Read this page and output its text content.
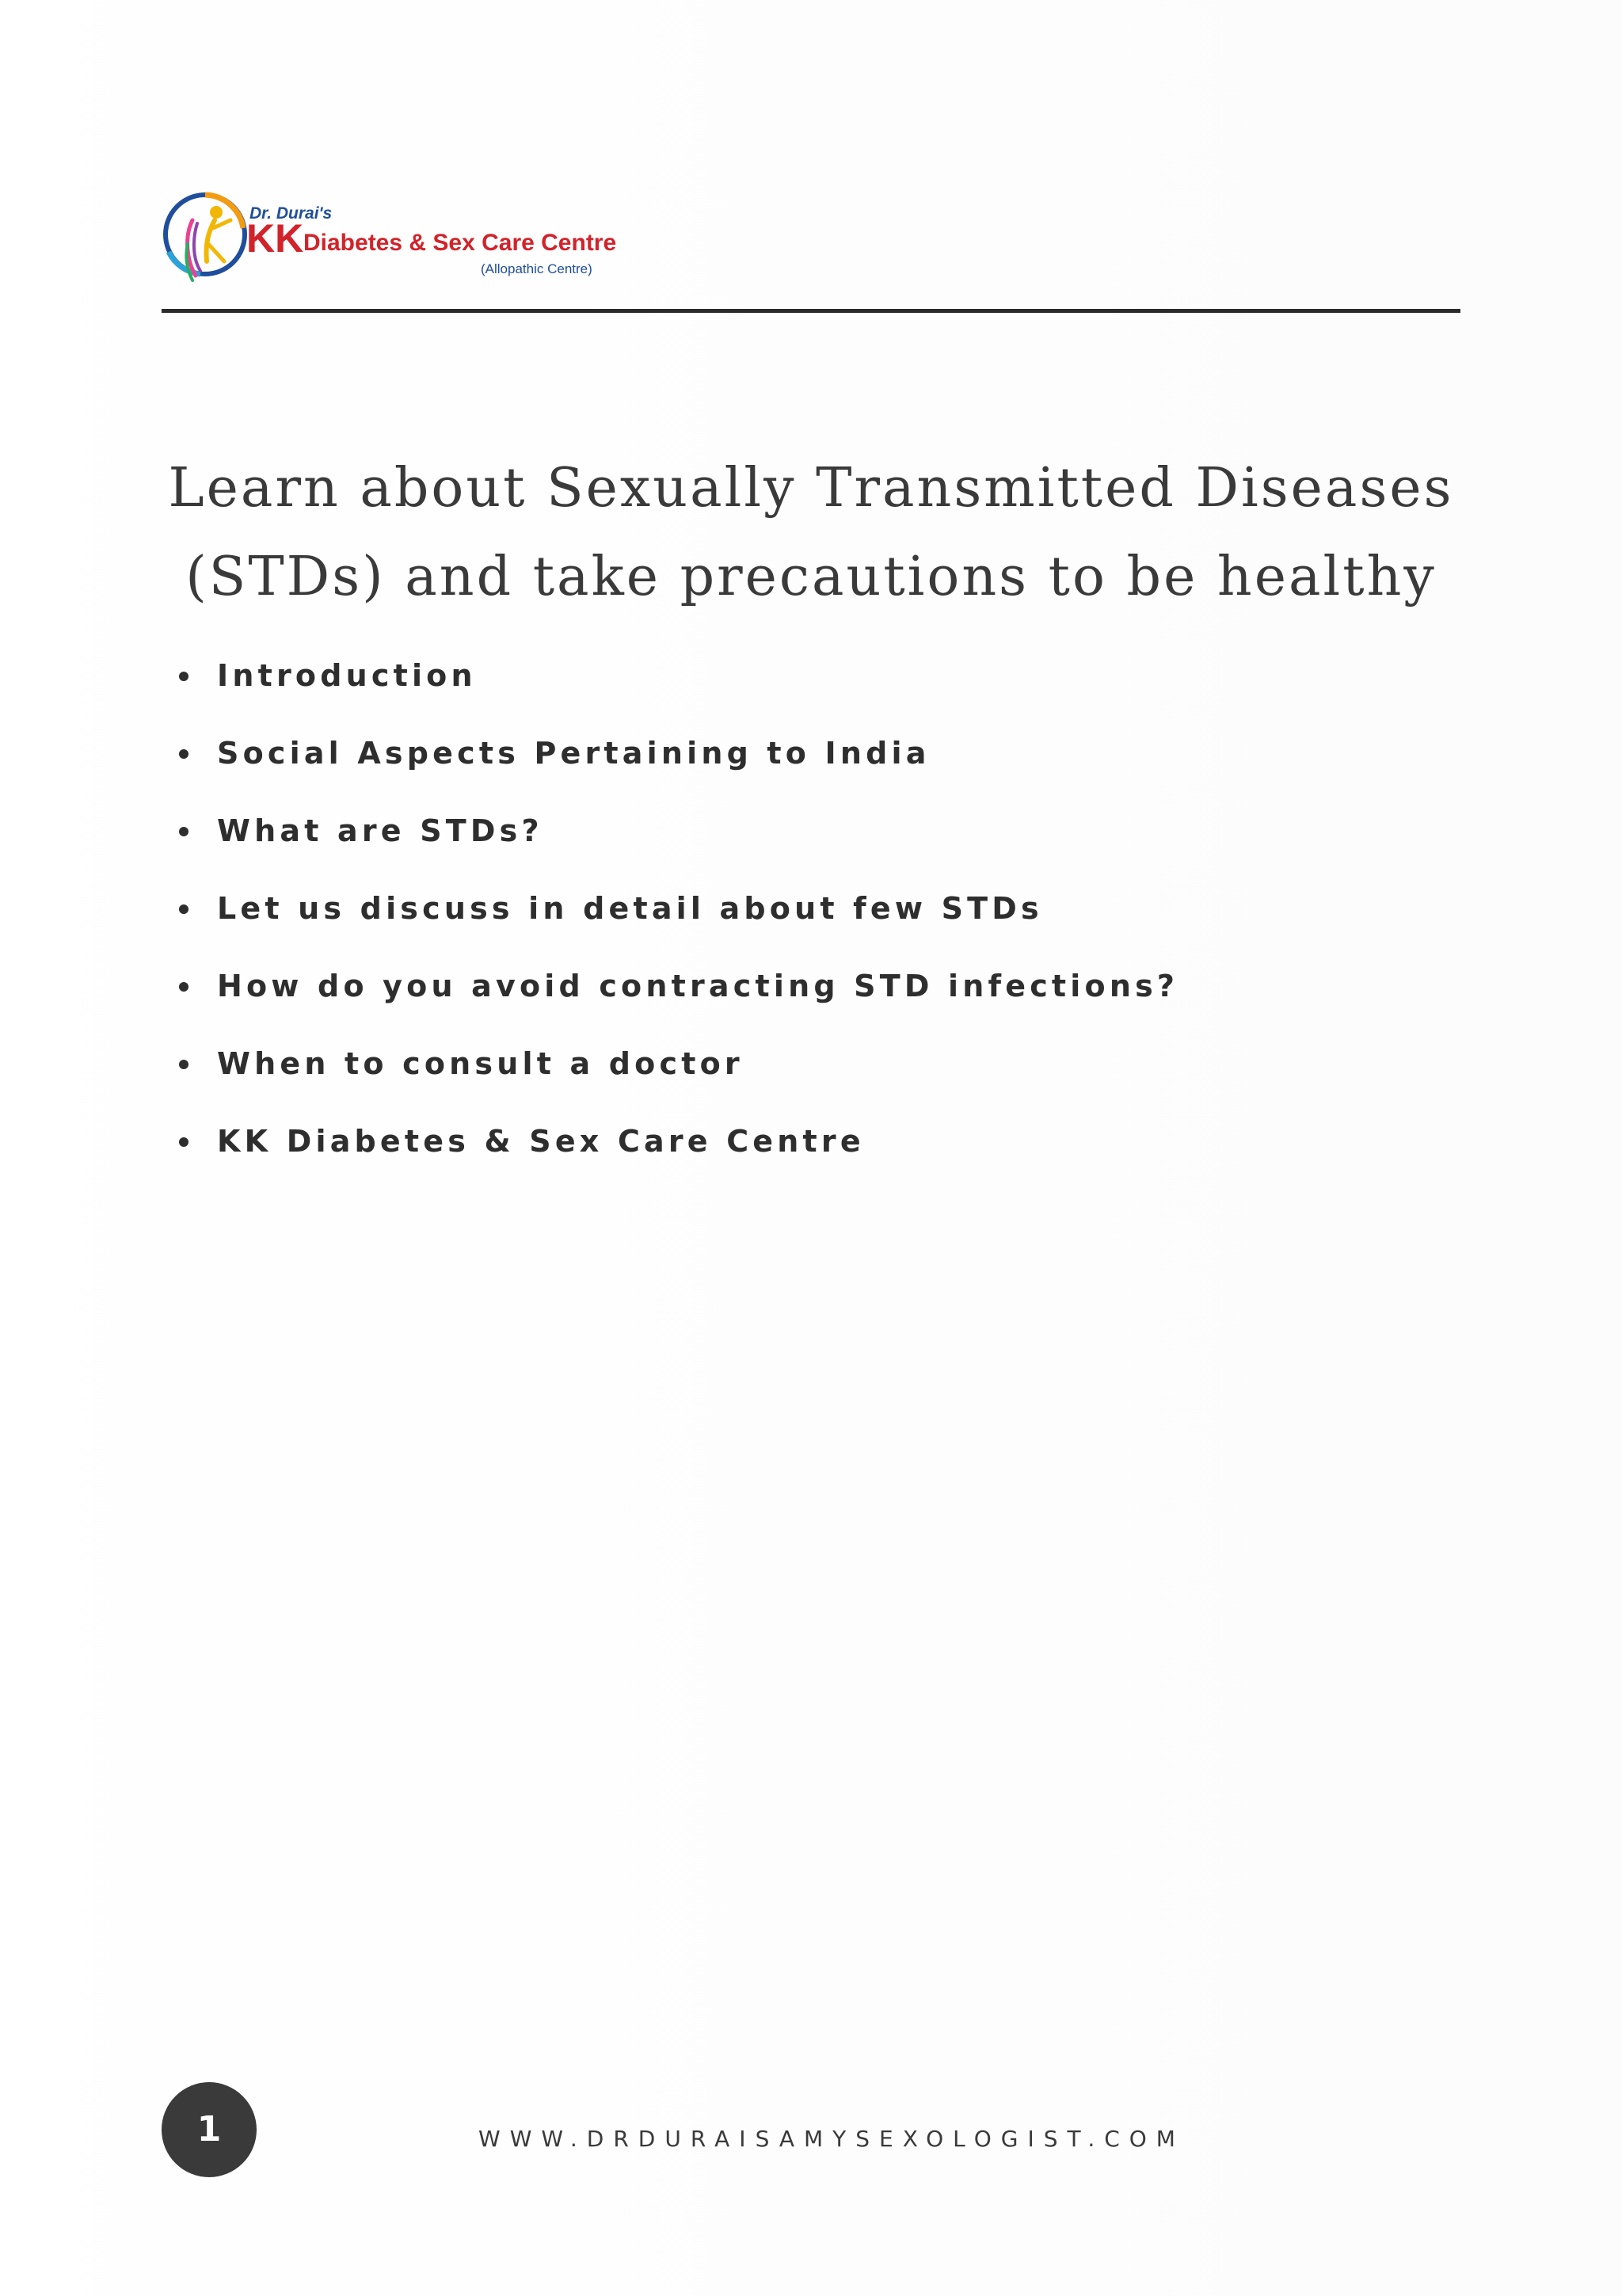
Dr. Durai's
KK Diabetes & Sex Care Centre
(Allopathic Centre)
Learn about Sexually Transmitted Diseases (STDs) and take precautions to be healthy
Introduction
Social Aspects Pertaining to India
What are STDs?
Let us discuss in detail about few STDs
How do you avoid contracting STD infections?
When to consult a doctor
KK Diabetes & Sex Care Centre
1	WWW.DRDURAISAMYSEXOLOGIST.COM
